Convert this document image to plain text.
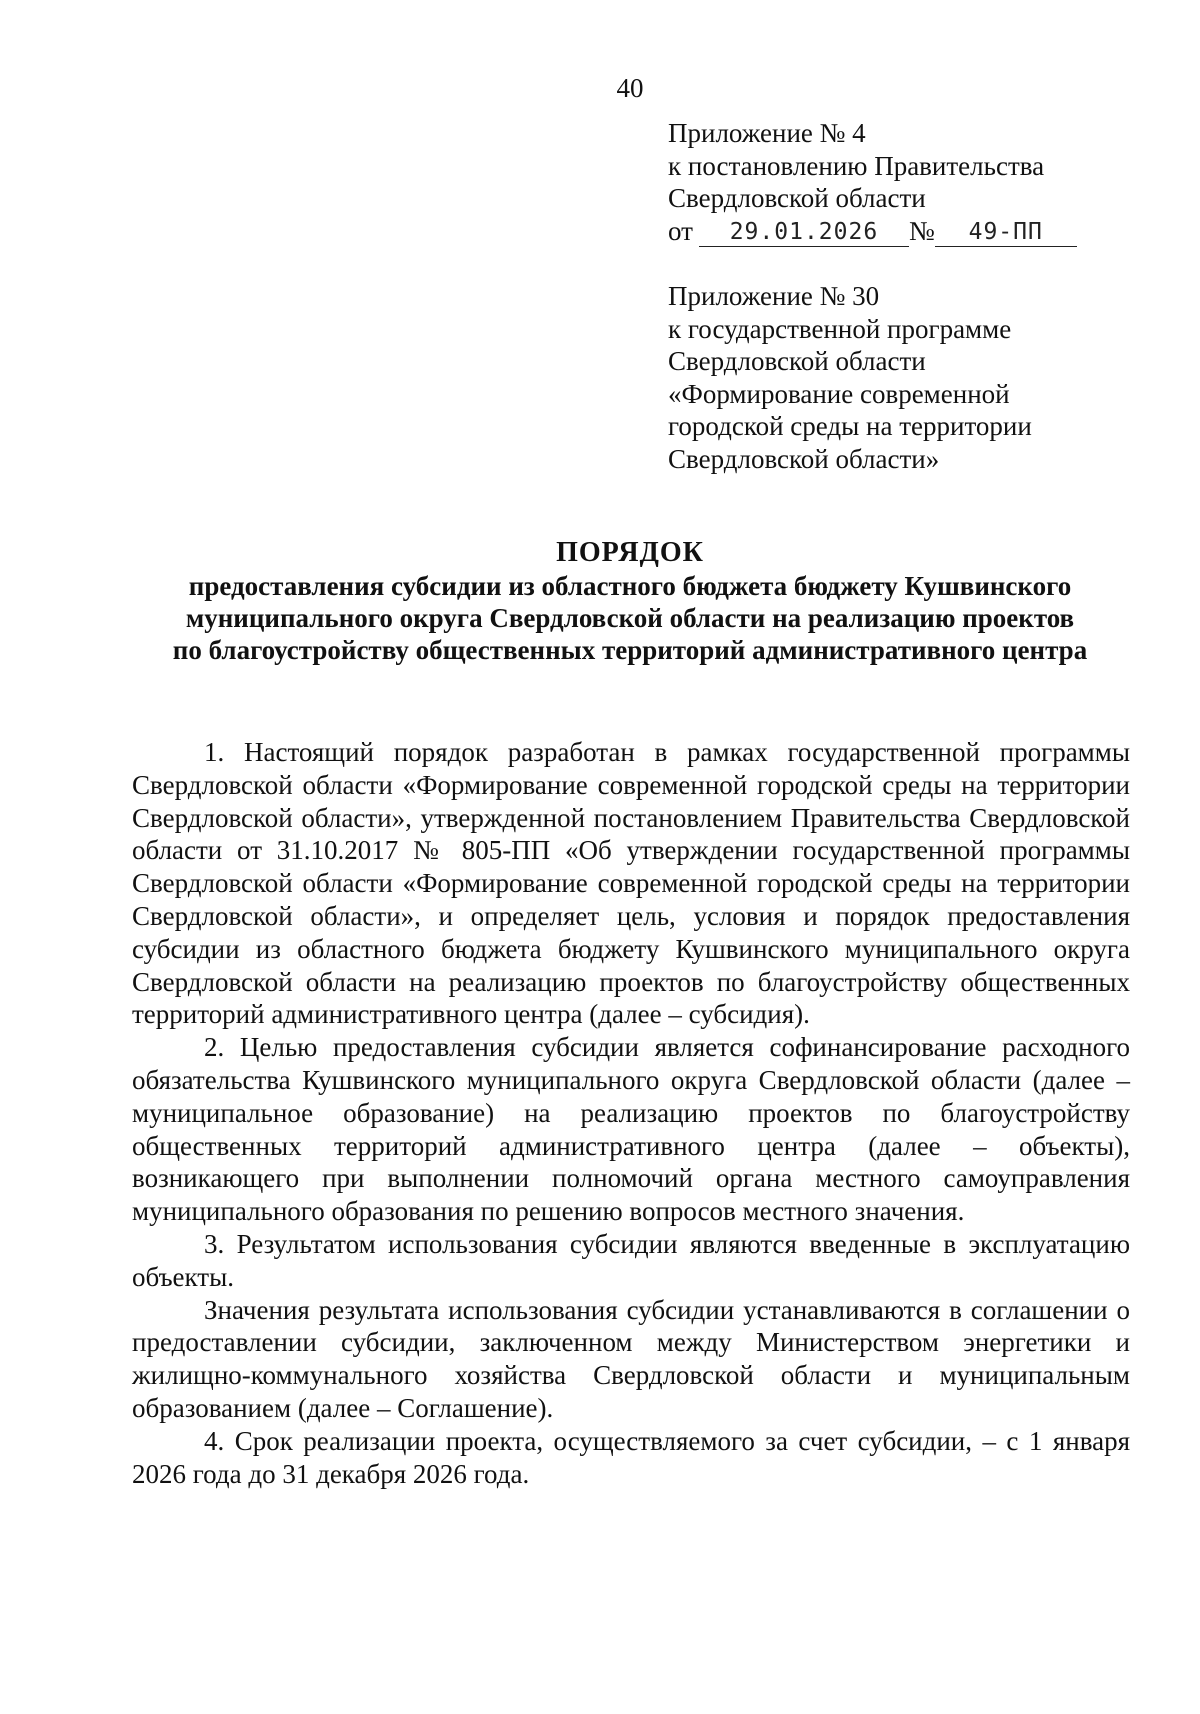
40
Приложение № 4
к постановлению Правительства
Свердловской области
от	29.01.2026	№	49-ПП
Приложение № 30
к государственной программе
Свердловской области
«Формирование современной
городской среды на территории
Свердловской области»
ПОРЯДОК
предоставления субсидии из областного бюджета бюджету Кушвинского
муниципального округа Свердловской области на реализацию проектов
по благоустройству общественных территорий административного центра

1. Настоящий порядок разработан в рамках государственной программы Свердловской области «Формирование современной городской среды на территории Свердловской области», утвержденной постановлением Правительства Свердловской области от 31.10.2017 № 805-ПП «Об утверждении государственной программы Свердловской области «Формирование современной городской среды на территории Свердловской области», и определяет цель, условия и порядок предоставления субсидии из областного бюджета бюджету Кушвинского муниципального округа Свердловской области на реализацию проектов по благоустройству общественных территорий административного центра (далее – субсидия).

2. Целью предоставления субсидии является софинансирование расходного обязательства Кушвинского муниципального округа Свердловской области (далее – муниципальное образование) на реализацию проектов по благоустройству общественных территорий административного центра (далее – объекты), возникающего при выполнении полномочий органа местного самоуправления муниципального образования по решению вопросов местного значения.

3. Результатом использования субсидии являются введенные в эксплуатацию объекты.

Значения результата использования субсидии устанавливаются в соглашении о предоставлении субсидии, заключенном между Министерством энергетики и жилищно-коммунального хозяйства Свердловской области и муниципальным образованием (далее – Соглашение).

4. Срок реализации проекта, осуществляемого за счет субсидии, – с 1 января 2026 года до 31 декабря 2026 года.
